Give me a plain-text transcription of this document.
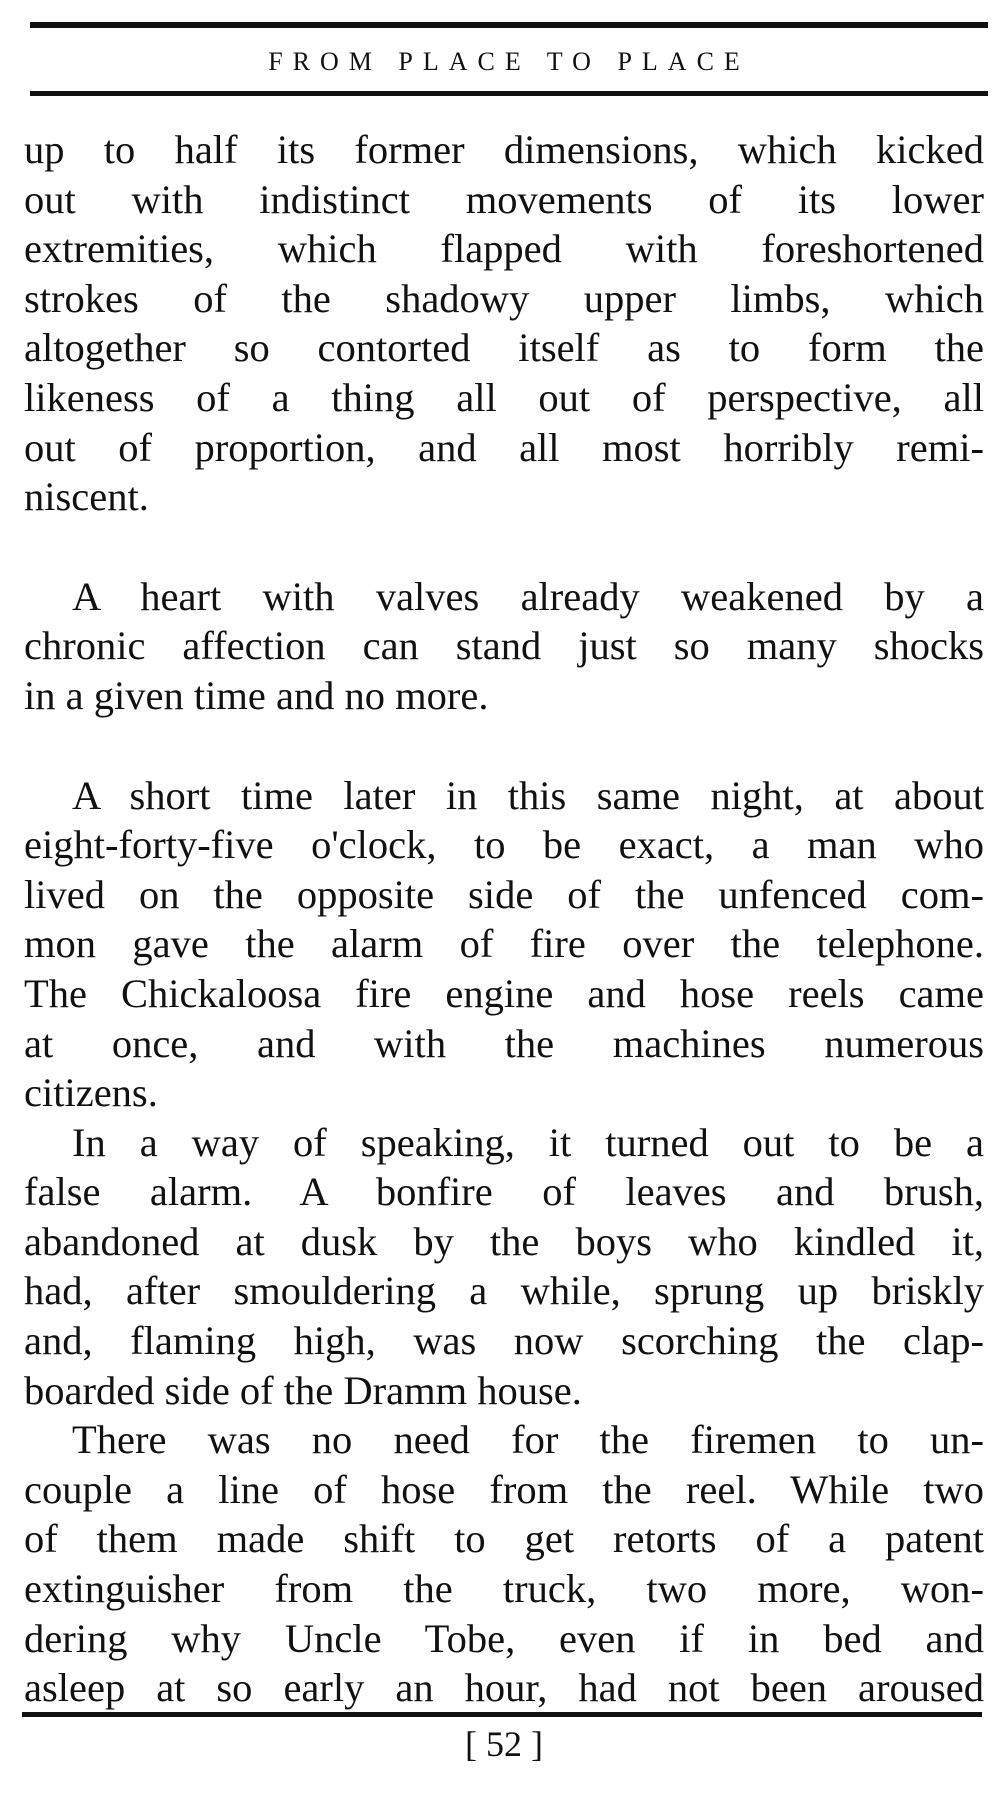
FROM PLACE TO PLACE

up to half its former dimensions, which kicked
out with indistinct movements of its lower
extremities, which flapped with foreshortened
strokes of the shadowy upper limbs, which
altogether so contorted itself as to form the
likeness of a thing all out of perspective, all
out of proportion, and all most horribly remi-
niscent.

A heart with valves already weakened by a
chronic affection can stand just so many shocks
in a given time and no more.

A short time later in this same night, at about
eight-forty-five o'clock, to be exact, a man who
lived on the opposite side of the unfenced com-
mon gave the alarm of fire over the telephone.
The Chickaloosa fire engine and hose reels came
at once, and with the machines numerous
citizens.

In a way of speaking, it turned out to be a
false alarm. A bonfire of leaves and brush,
abandoned at dusk by the boys who kindled it,
had, after smouldering a while, sprung up briskly
and, flaming high, was now scorching the clap-
boarded side of the Dramm house.

There was no need for the firemen to un-
couple a line of hose from the reel. While two
of them made shift to get retorts of a patent
extinguisher from the truck, two more, won-
dering why Uncle Tobe, even if in bed and
asleep at so early an hour, had not been aroused

[ 52 ]
